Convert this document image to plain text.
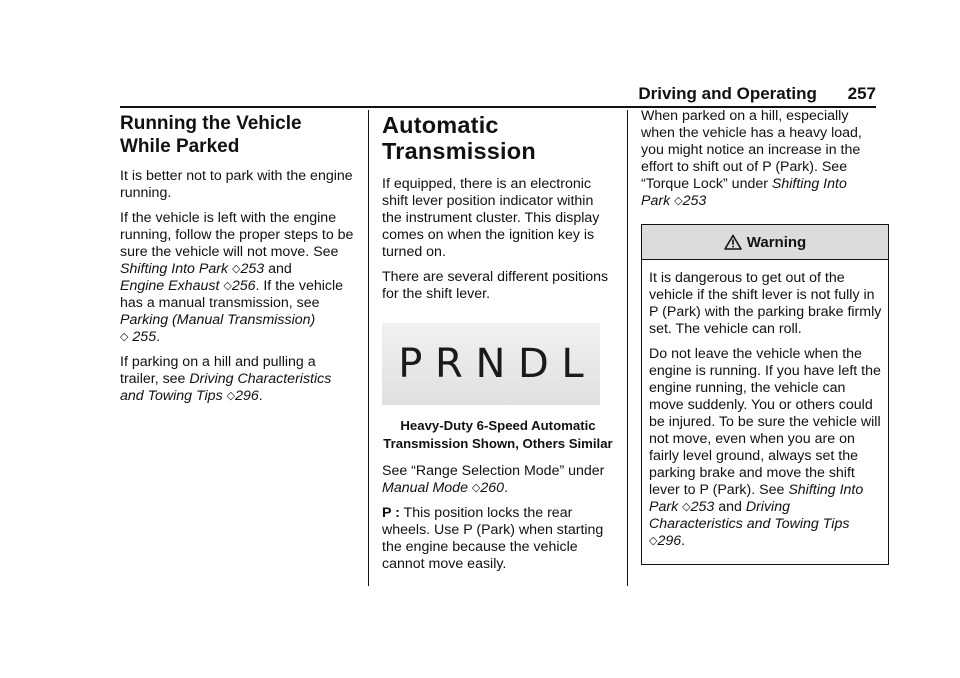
Driving and Operating 257
Running the Vehicle
While Parked

It is better not to park with the engine running.

If the vehicle is left with the engine running, follow the proper steps to be sure the vehicle will not move. See Shifting Into Park ◇253 and
Engine Exhaust ◇256. If the vehicle has a manual transmission, see Parking (Manual Transmission)
◇ 255.

If parking on a hill and pulling a trailer, see Driving Characteristics and Towing Tips ◇296.

Automatic
Transmission

If equipped, there is an electronic shift lever position indicator within the instrument cluster. This display comes on when the ignition key is turned on.

There are several different positions for the shift lever.

P R N D L
Heavy-Duty 6-Speed Automatic Transmission Shown, Others Similar

See “Range Selection Mode” under Manual Mode ◇260.

P : This position locks the rear wheels. Use P (Park) when starting the engine because the vehicle cannot move easily.

When parked on a hill, especially when the vehicle has a heavy load, you might notice an increase in the effort to shift out of P (Park). See “Torque Lock” under Shifting Into Park ◇253

Warning

It is dangerous to get out of the vehicle if the shift lever is not fully in P (Park) with the parking brake firmly set. The vehicle can roll.

Do not leave the vehicle when the engine is running. If you have left the engine running, the vehicle can move suddenly. You or others could be injured. To be sure the vehicle will not move, even when you are on fairly level ground, always set the parking brake and move the shift lever to P (Park). See Shifting Into Park ◇253 and Driving Characteristics and Towing Tips ◇296.
